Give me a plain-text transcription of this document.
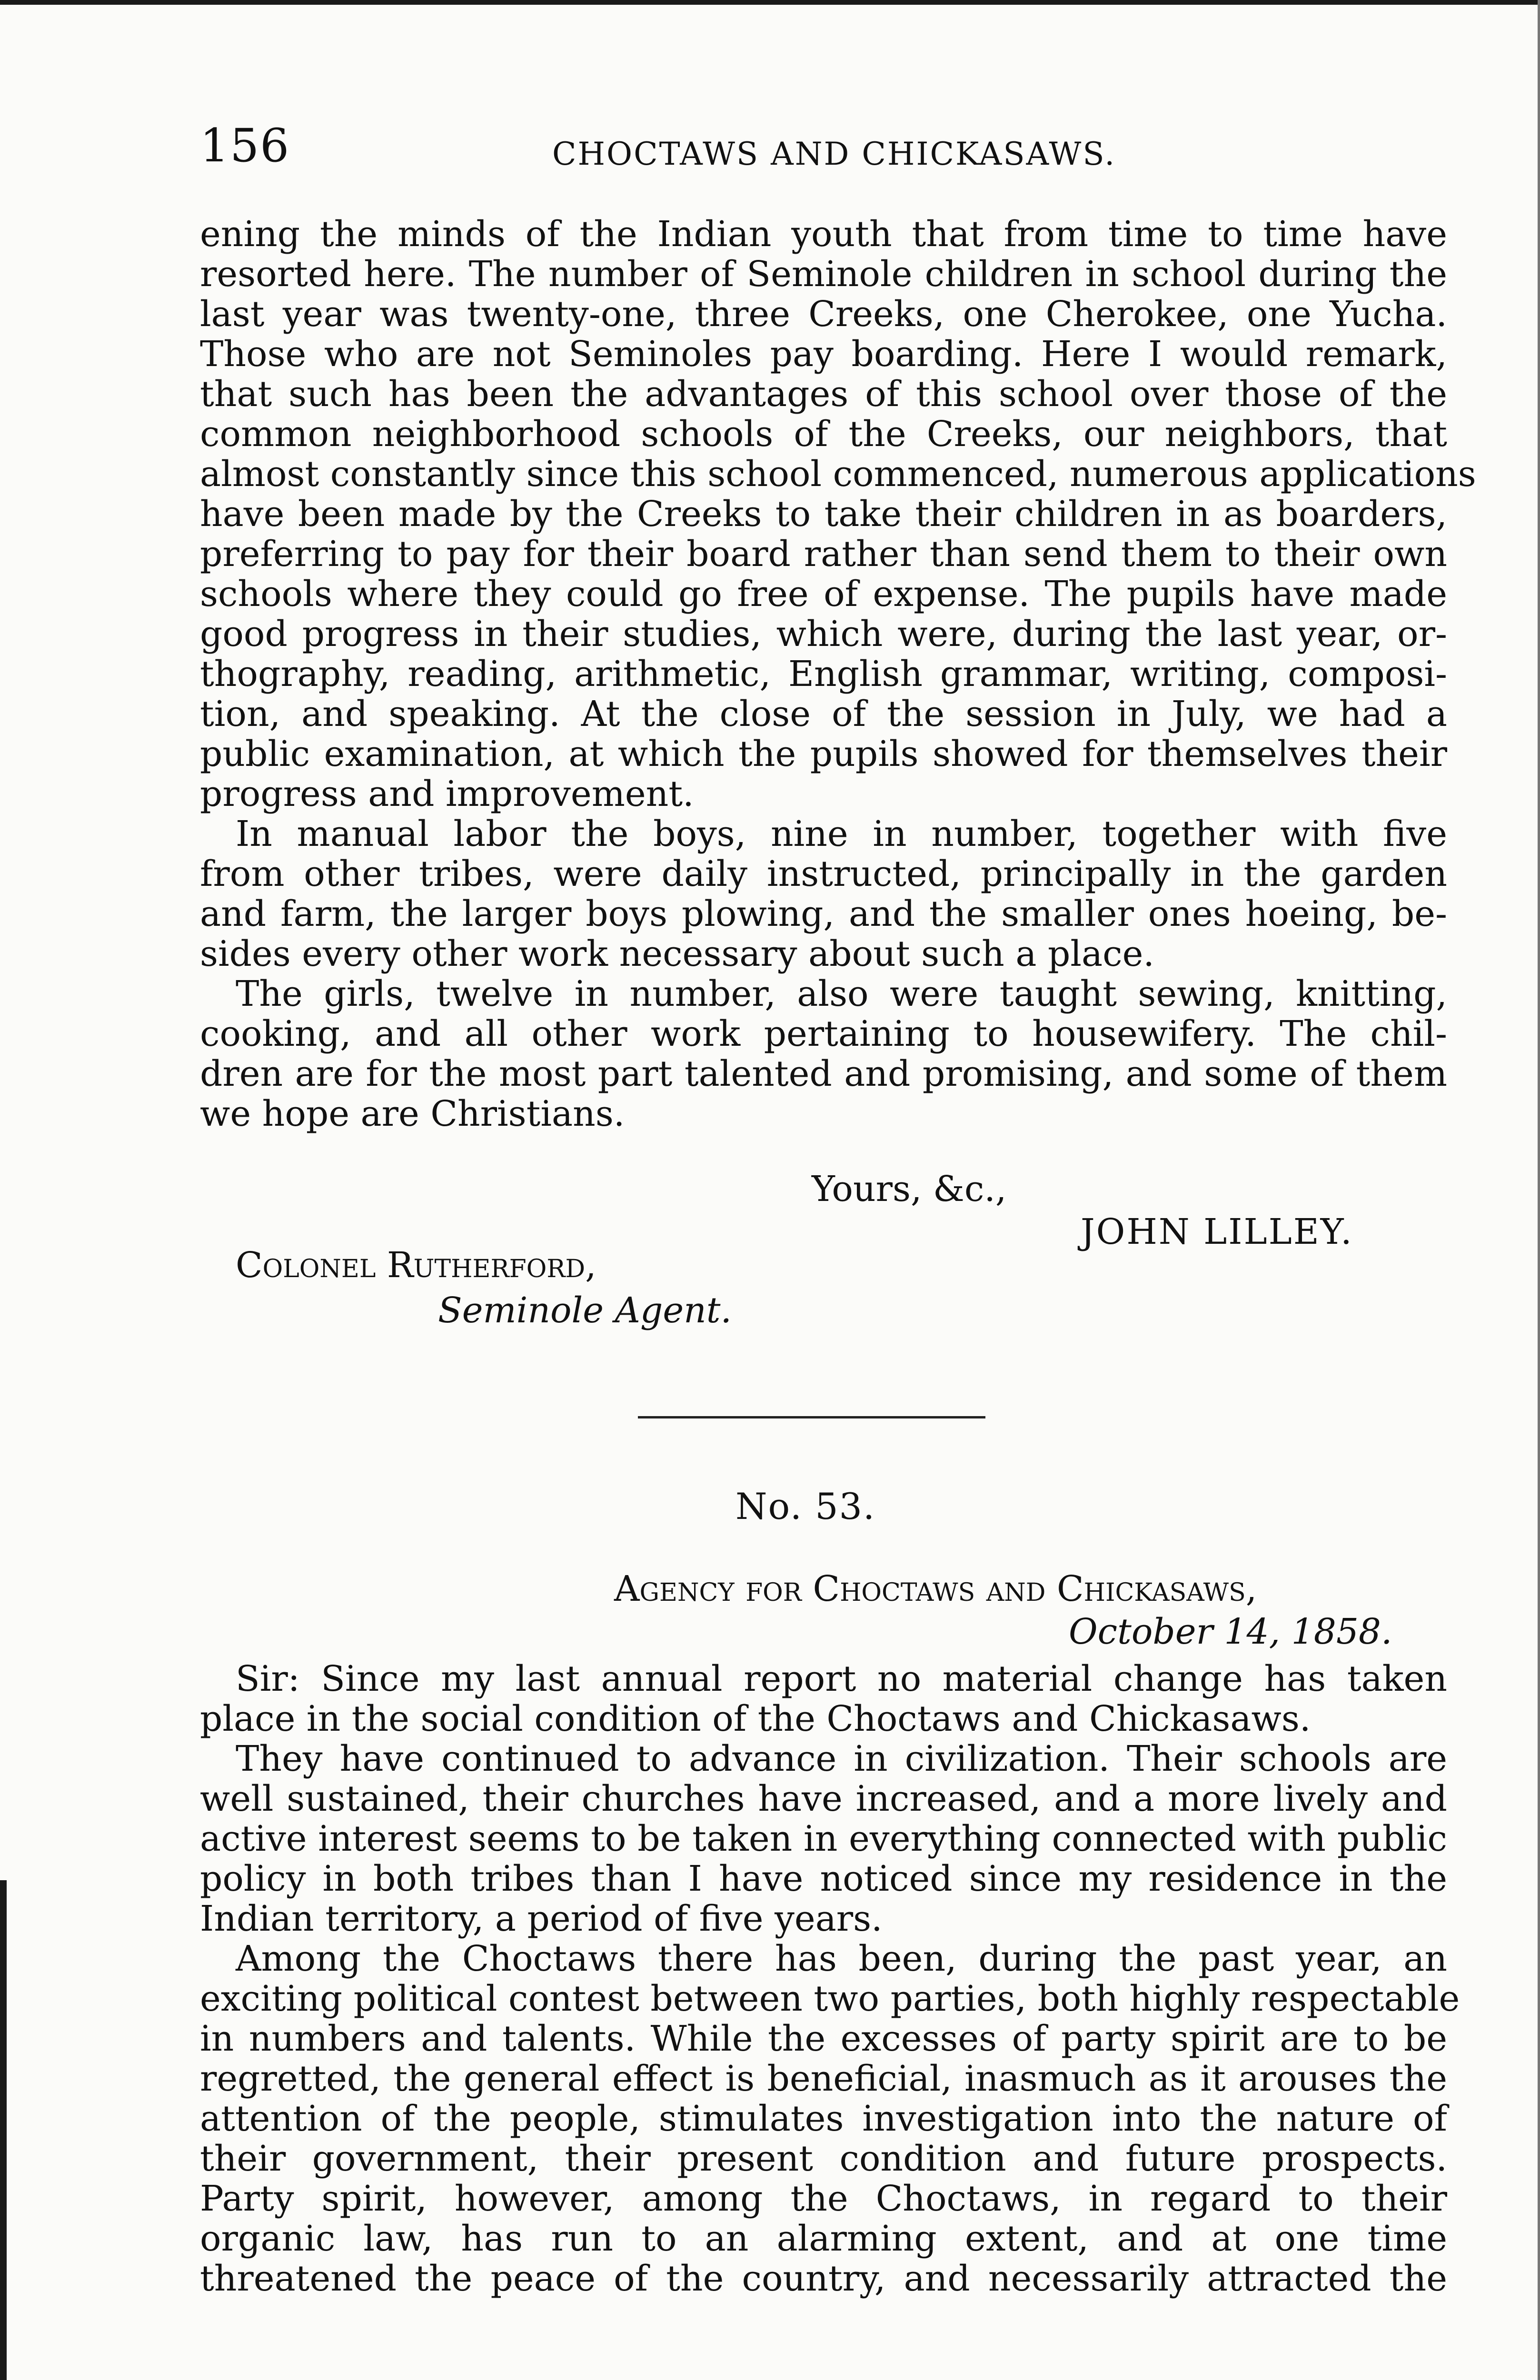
156	CHOCTAWS AND CHICKASAWS.
ening the minds of the Indian youth that from time to time have
resorted here. The number of Seminole children in school during the
last year was twenty-one, three Creeks, one Cherokee, one Yucha.
Those who are not Seminoles pay boarding. Here I would remark,
that such has been the advantages of this school over those of the
common neighborhood schools of the Creeks, our neighbors, that
almost constantly since this school commenced, numerous applications
have been made by the Creeks to take their children in as boarders,
preferring to pay for their board rather than send them to their own
schools where they could go free of expense. The pupils have made
good progress in their studies, which were, during the last year, or-
thography, reading, arithmetic, English grammar, writing, composi-
tion, and speaking. At the close of the session in July, we had a
public examination, at which the pupils showed for themselves their
progress and improvement.
In manual labor the boys, nine in number, together with five
from other tribes, were daily instructed, principally in the garden
and farm, the larger boys plowing, and the smaller ones hoeing, be-
sides every other work necessary about such a place.
The girls, twelve in number, also were taught sewing, knitting,
cooking, and all other work pertaining to housewifery. The chil-
dren are for the most part talented and promising, and some of them
we hope are Christians.
Yours, &c.,
JOHN LILLEY.
Colonel Rutherford,
Seminole Agent.
No. 53.
Agency for Choctaws and Chickasaws,
October 14, 1858.
Sir: Since my last annual report no material change has taken
place in the social condition of the Choctaws and Chickasaws.
They have continued to advance in civilization. Their schools are
well sustained, their churches have increased, and a more lively and
active interest seems to be taken in everything connected with public
policy in both tribes than I have noticed since my residence in the
Indian territory, a period of five years.
Among the Choctaws there has been, during the past year, an
exciting political contest between two parties, both highly respectable
in numbers and talents. While the excesses of party spirit are to be
regretted, the general effect is beneficial, inasmuch as it arouses the
attention of the people, stimulates investigation into the nature of
their government, their present condition and future prospects.
Party spirit, however, among the Choctaws, in regard to their
organic law, has run to an alarming extent, and at one time
threatened the peace of the country, and necessarily attracted the
